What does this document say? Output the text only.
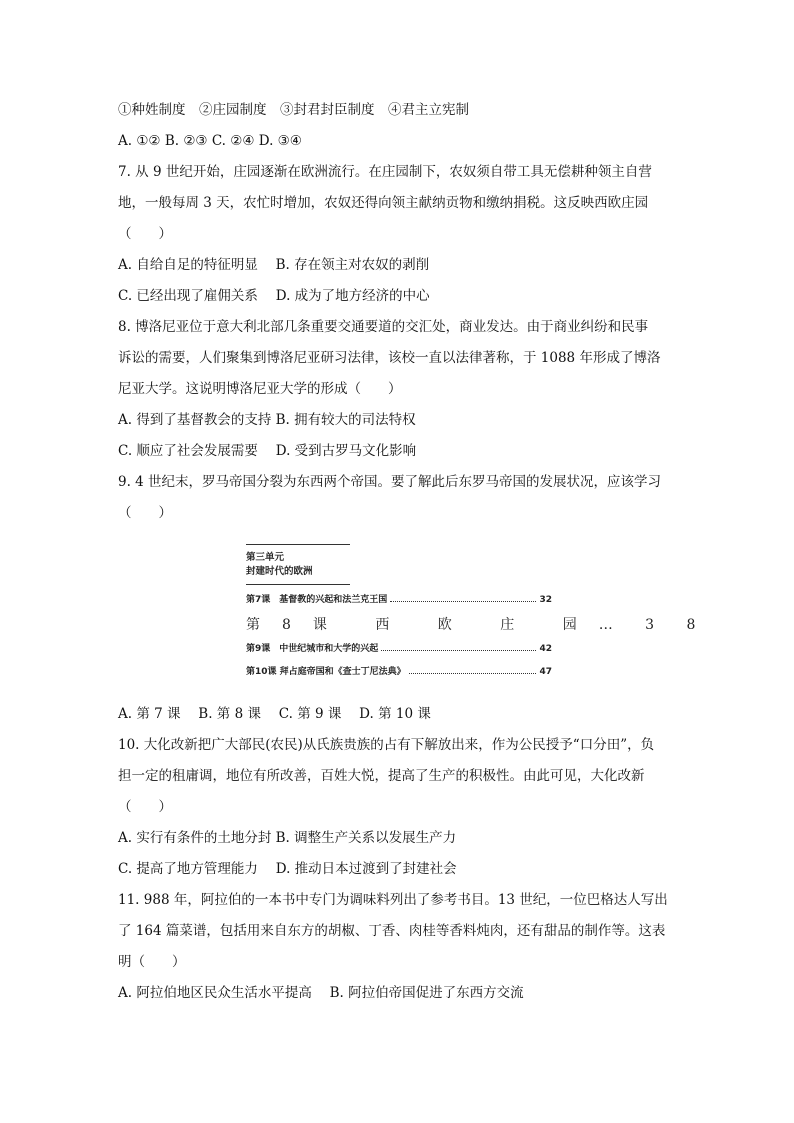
①种姓制度　②庄园制度　③封君封臣制度　④君主立宪制

A. ①② B. ②③ C. ②④ D. ③④

7. 从 9 世纪开始，庄园逐渐在欧洲流行。在庄园制下，农奴须自带工具无偿耕种领主自营

地，一般每周 3 天，农忙时增加，农奴还得向领主献纳贡物和缴纳捐税。这反映西欧庄园

（　　）

A. 自给自足的特征明显　 B. 存在领主对农奴的剥削

C. 已经出现了雇佣关系　 D. 成为了地方经济的中心

8. 博洛尼亚位于意大利北部几条重要交通要道的交汇处，商业发达。由于商业纠纷和民事

诉讼的需要，人们聚集到博洛尼亚研习法律，该校一直以法律著称，于 1088 年形成了博洛

尼亚大学。这说明博洛尼亚大学的形成（　　）

A. 得到了基督教会的支持 B. 拥有较大的司法特权

C. 顺应了社会发展需要　 D. 受到古罗马文化影响

9. 4 世纪末，罗马帝国分裂为东西两个帝国。要了解此后东罗马帝国的发展状况，应该学习

（　　）

第三单元
封建时代的欧洲
第7课　基督教的兴起和法兰克王国	32
第8课 西 欧 庄 园 … 3 8
第9课　中世纪城市和大学的兴起	42
第10课 拜占庭帝国和《查士丁尼法典》	47

A. 第 7 课　 B. 第 8 课　 C. 第 9 课　 D. 第 10 课

10. 大化改新把广大部民(农民)从氏族贵族的占有下解放出来，作为公民授予“口分田”，负

担一定的租庸调，地位有所改善，百姓大悦，提高了生产的积极性。由此可见，大化改新

（　　）

A. 实行有条件的土地分封 B. 调整生产关系以发展生产力

C. 提高了地方管理能力　 D. 推动日本过渡到了封建社会

11. 988 年，阿拉伯的一本书中专门为调味料列出了参考书目。13 世纪，一位巴格达人写出

了 164 篇菜谱，包括用来自东方的胡椒、丁香、肉桂等香料炖肉，还有甜品的制作等。这表

明（　　）

A. 阿拉伯地区民众生活水平提高　 B. 阿拉伯帝国促进了东西方交流
